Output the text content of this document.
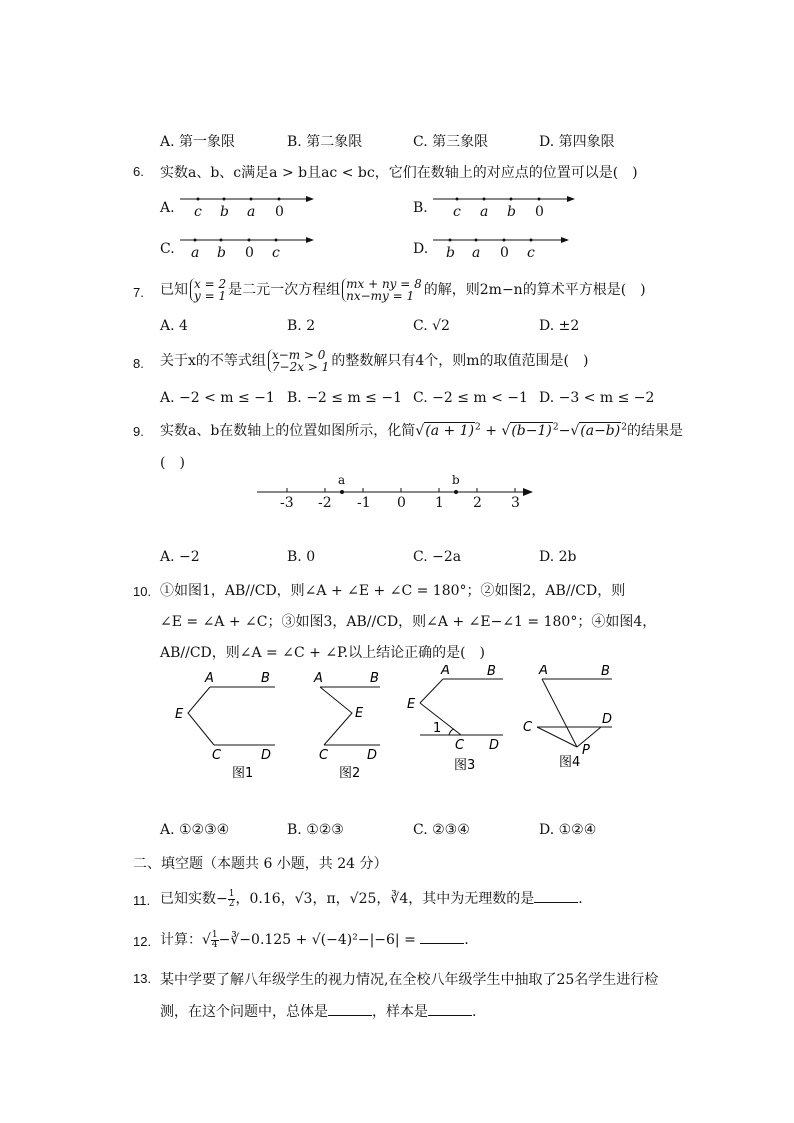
A. 第一象限	B. 第二象限	C. 第三象限	D. 第四象限
6. 实数a、b、c满足a > b且ac < bc，它们在数轴上的对应点的位置可以是(　)
A. c b a 0	B. c a b 0
C. a b 0 c	D. b a 0 c
7. 已知 x = 2
y = 1 是二元一次方程组 mx + ny = 8
nx−my = 1 的解，则2m−n的算术平方根是(　)
A. 4	B. 2	C. √2	D. ±2
8. 关于x的不等式组 x−m > 0
7−2x > 1 的整数解只有4个，则m的取值范围是(　)
A. −2 < m ≤ −1 B. −2 ≤ m ≤ −1 C. −2 ≤ m < −1 D. −3 < m ≤ −2
9. 实数a、b在数轴上的位置如图所示，化简$√(a + 1)^2 + √(b-1)^2-√(a-b)^2$的结果是
(　)
a	b
-3 -2 -1 0 1 2 3
A. −2	B. 0	C. −2a	D. 2b
10. ①如图1，AB//CD，则∠A + ∠E + ∠C = 180°；②如图2，AB//CD，则
∠E = ∠A + ∠C；③如图3，AB//CD，则∠A + ∠E−∠1 = 180°；④如图4，
AB//CD，则∠A = ∠C + ∠P.以上结论正确的是(　)
A	B
E
C	D
图1
A	B
E
C	D
图2
A	B
E
1
C D
图3
A	B
C
D
P
图4
A. ①②③④	B. ①②③	C. ②③④	D. ①②④
二、填空题（本题共 6 小题，共 24 分）
11. 已知实数− $\frac{1}{2}$ ，0.16，√3，π，√25，∛4，其中为无理数的是	.
12. 计算：√ $\frac{1}{4}$ −∛−0.125 + √(−4)²−|−6| =	.
13. 某中学要了解八年级学生的视力情况,在全校八年级学生中抽取了25名学生进行检
测，在这个问题中，总体是	，样本是	.
